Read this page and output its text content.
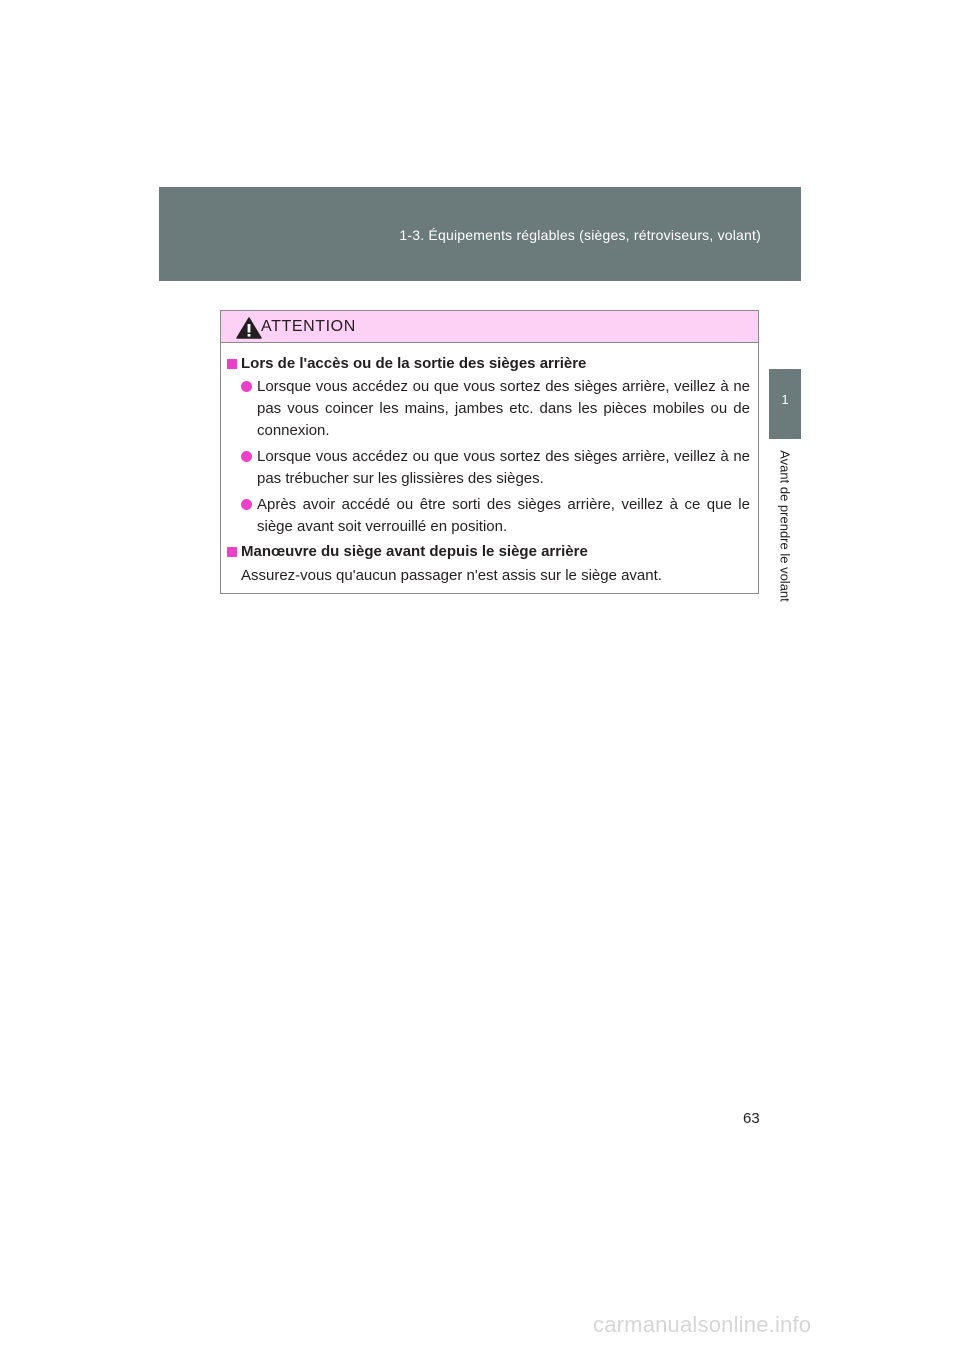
1-3. Équipements réglables (sièges, rétroviseurs, volant)
1
Avant de prendre le volant
ATTENTION
Lors de l'accès ou de la sortie des sièges arrière
Lorsque vous accédez ou que vous sortez des sièges arrière, veillez à ne pas vous coincer les mains, jambes etc. dans les pièces mobiles ou de connexion.
Lorsque vous accédez ou que vous sortez des sièges arrière, veillez à ne pas trébucher sur les glissières des sièges.
Après avoir accédé ou être sorti des sièges arrière, veillez à ce que le siège avant soit verrouillé en position.
Manœuvre du siège avant depuis le siège arrière
Assurez-vous qu'aucun passager n'est assis sur le siège avant.
63
carmanualsonline.info
